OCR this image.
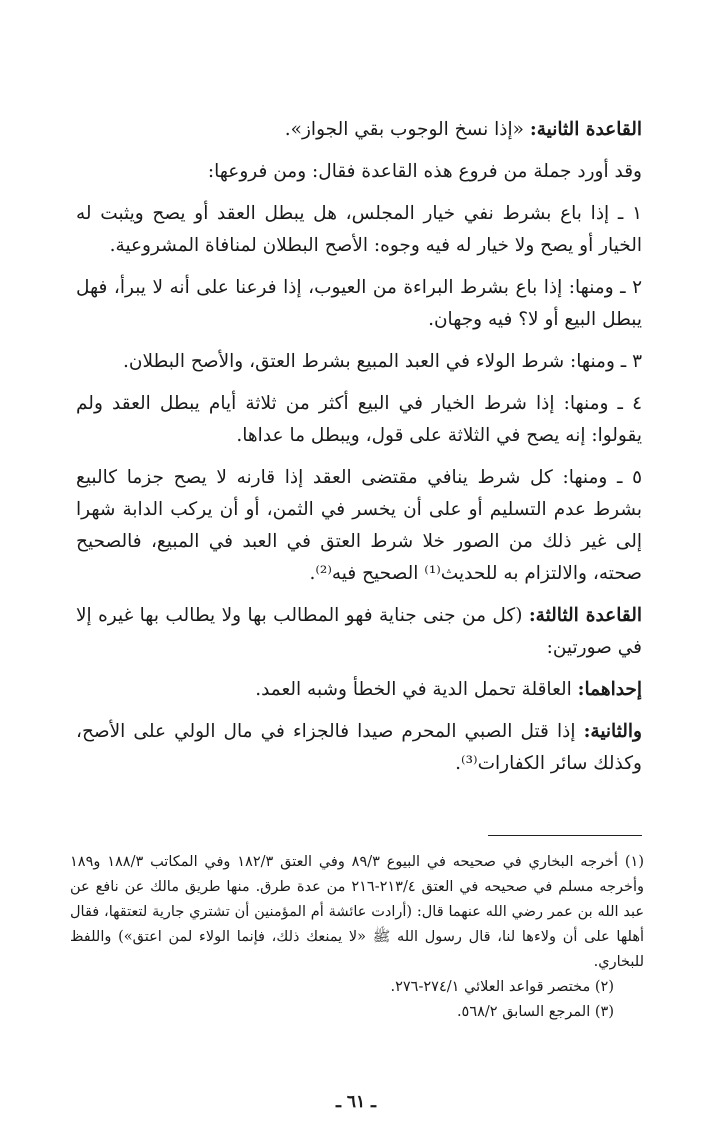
القاعدة الثانية: «إذا نسخ الوجوب بقي الجواز».

وقد أورد جملة من فروع هذه القاعدة فقال: ومن فروعها:

١ ـ إذا باع بشرط نفي خيار المجلس، هل يبطل العقد أو يصح ويثبت له الخيار أو يصح ولا خيار له فيه وجوه: الأصح البطلان لمنافاة المشروعية.

٢ ـ ومنها: إذا باع بشرط البراءة من العيوب، إذا فرعنا على أنه لا يبرأ، فهل يبطل البيع أو لا؟ فيه وجهان.

٣ ـ ومنها: شرط الولاء في العبد المبيع بشرط العتق، والأصح البطلان.

٤ ـ ومنها: إذا شرط الخيار في البيع أكثر من ثلاثة أيام يبطل العقد ولم يقولوا: إنه يصح في الثلاثة على قول، ويبطل ما عداها.

٥ ـ ومنها: كل شرط ينافي مقتضى العقد إذا قارنه لا يصح جزما كالبيع بشرط عدم التسليم أو على أن يخسر في الثمن، أو أن يركب الدابة شهرا إلى غير ذلك من الصور خلا شرط العتق في العبد في المبيع، فالصحيح صحته، والالتزام به للحديث⁽¹⁾ الصحيح فيه⁽²⁾.

القاعدة الثالثة: (كل من جنى جناية فهو المطالب بها ولا يطالب بها غيره إلا في صورتين:

إحداهما: العاقلة تحمل الدية في الخطأ وشبه العمد.

والثانية: إذا قتل الصبي المحرم صيدا فالجزاء في مال الولي على الأصح، وكذلك سائر الكفارات⁽³⁾.

(١) أخرجه البخاري في صحيحه في البيوع ٨٩/٣ وفي العتق ١٨٢/٣ وفي المكاتب ١٨٨/٣ و١٨٩ وأخرجه مسلم في صحيحه في العتق ٢١٣/٤-٢١٦ من عدة طرق. منها طريق مالك عن نافع عن عبد الله بن عمر رضي الله عنهما قال: (أرادت عائشة أم المؤمنين أن تشتري جارية لتعتقها، فقال أهلها على أن ولاءها لنا، قال رسول الله ﷺ «لا يمنعك ذلك، فإنما الولاء لمن اعتق») واللفظ للبخاري.

(٢) مختصر قواعد العلائي ٢٧٤/١-٢٧٦.

(٣) المرجع السابق ٥٦٨/٢.

ـ ٦١ ـ
